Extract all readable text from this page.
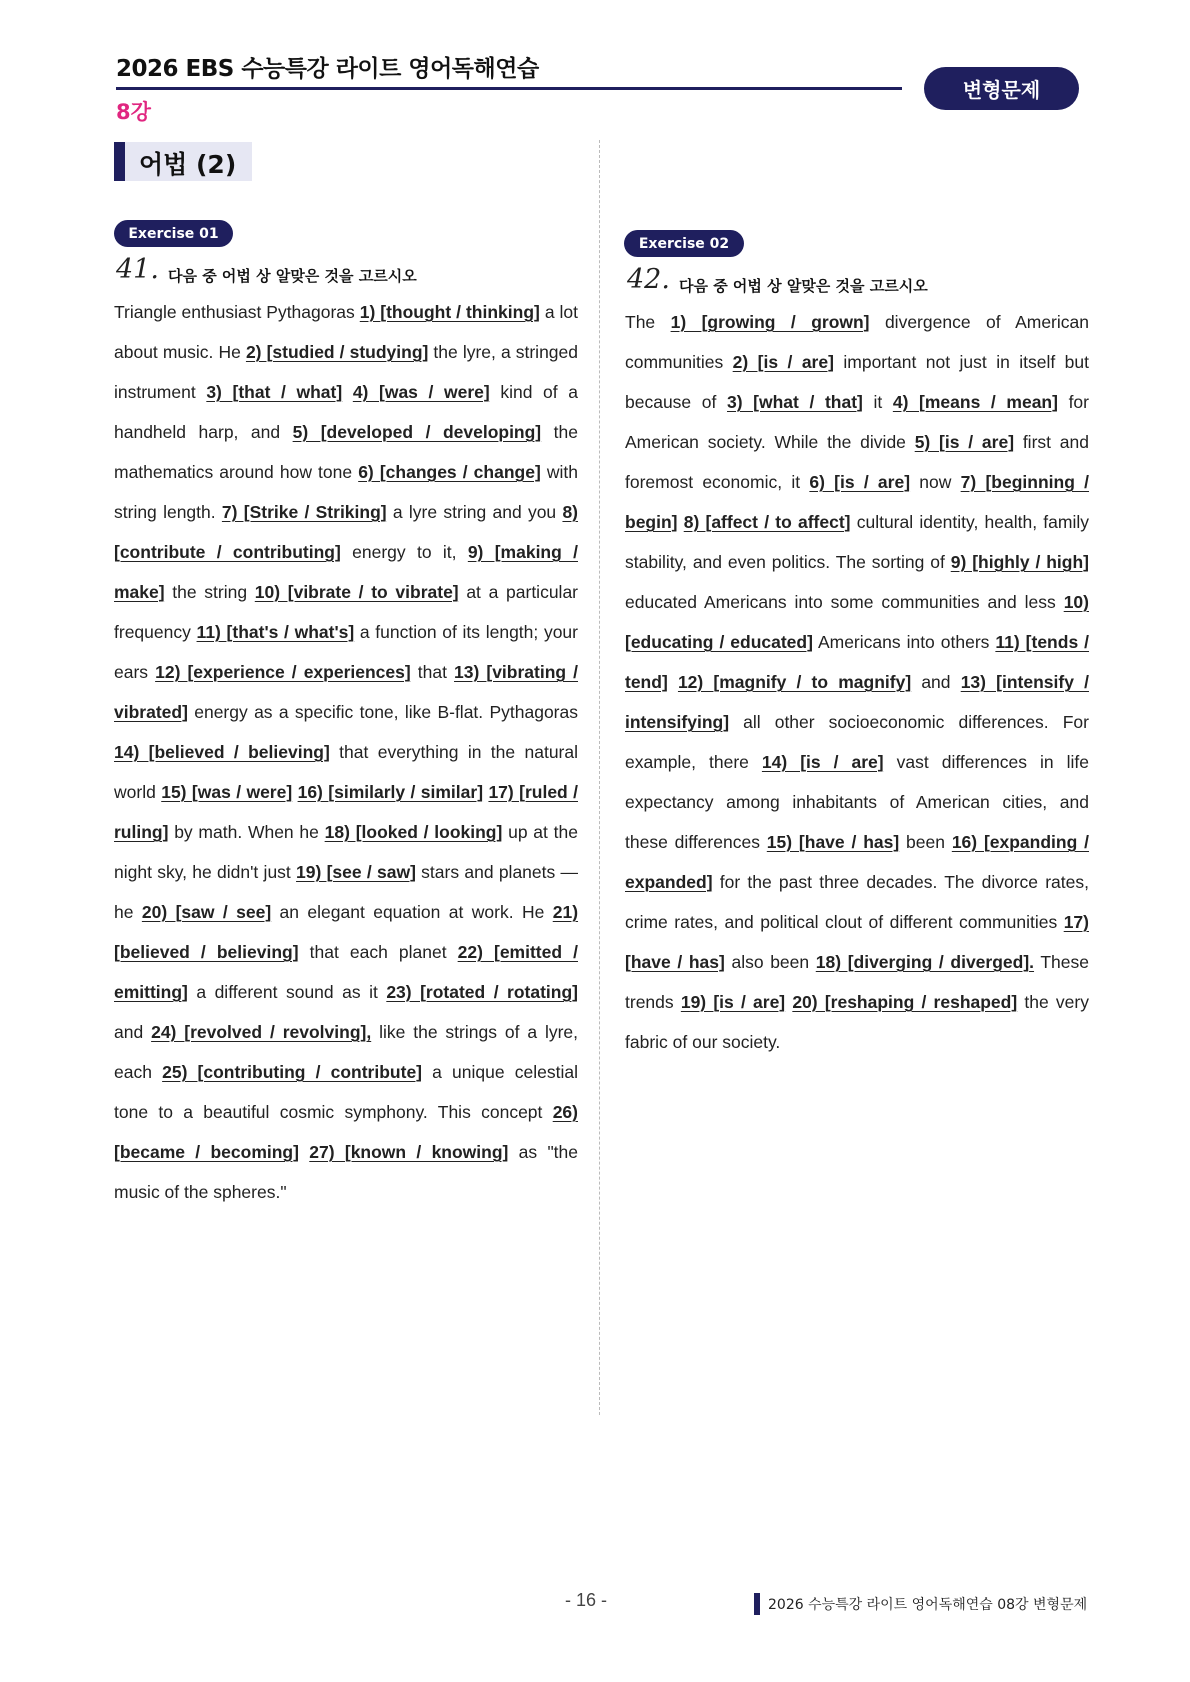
2026 EBS 수능특강 라이트 영어독해연습
변형문제
8강
어법 (2)
Exercise 01
41. 다음 중 어법 상 알맞은 것을 고르시오

Triangle enthusiast Pythagoras 1) [thought / thinking] a lot about music. He 2) [studied / studying] the lyre, a stringed instrument 3) [that / what] 4) [was / were] kind of a handheld harp, and 5) [developed / developing] the mathematics around how tone 6) [changes / change] with string length. 7) [Strike / Striking] a lyre string and you 8) [contribute / contributing] energy to it, 9) [making / make] the string 10) [vibrate / to vibrate] at a particular frequency 11) [that's / what's] a function of its length; your ears 12) [experience / experiences] that 13) [vibrating / vibrated] energy as a specific tone, like B-flat. Pythagoras 14) [believed / believing] that everything in the natural world 15) [was / were] 16) [similarly / similar] 17) [ruled / ruling] by math. When he 18) [looked / looking] up at the night sky, he didn't just 19) [see / saw] stars and planets — he 20) [saw / see] an elegant equation at work. He 21) [believed / believing] that each planet 22) [emitted / emitting] a different sound as it 23) [rotated / rotating] and 24) [revolved / revolving], like the strings of a lyre, each 25) [contributing / contribute] a unique celestial tone to a beautiful cosmic symphony. This concept 26) [became / becoming] 27) [known / knowing] as "the music of the spheres."

Exercise 02
42. 다음 중 어법 상 알맞은 것을 고르시오

The 1) [growing / grown] divergence of American communities 2) [is / are] important not just in itself but because of 3) [what / that] it 4) [means / mean] for American society. While the divide 5) [is / are] first and foremost economic, it 6) [is / are] now 7) [beginning / begin] 8) [affect / to affect] cultural identity, health, family stability, and even politics. The sorting of 9) [highly / high] educated Americans into some communities and less 10) [educating / educated] Americans into others 11) [tends / tend] 12) [magnify / to magnify] and 13) [intensify / intensifying] all other socioeconomic differences. For example, there 14) [is / are] vast differences in life expectancy among inhabitants of American cities, and these differences 15) [have / has] been 16) [expanding / expanded] for the past three decades. The divorce rates, crime rates, and political clout of different communities 17) [have / has] also been 18) [diverging / diverged]. These trends 19) [is / are] 20) [reshaping / reshaped] the very fabric of our society.

- 16 -	2026 수능특강 라이트 영어독해연습 08강 변형문제
